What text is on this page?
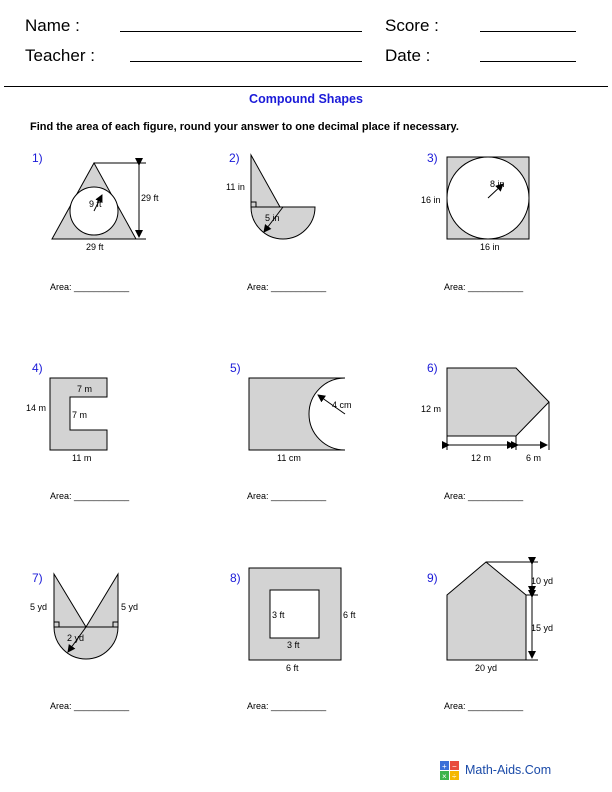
Name :	Score :
Teacher :	Date :
Compound Shapes
Find the area of each figure, round your answer to one decimal place if necessary.
1)
9 ft
29 ft
29 ft
Area: ___________
2)
11 in
5 in
Area: ___________
3)
8 in
16 in
16 in
Area: ___________
4)
7 m
7 m
14 m
11 m
Area: ___________
5)
4 cm
11 cm
Area: ___________
6)
12 m
12 m	6 m
Area: ___________
7)
5 yd	5 yd
2 yd
Area: ___________
8)
3 ft	6 ft
3 ft
6 ft
Area: ___________
9)	10 yd
15 yd
20 yd
Area: ___________
+ −
× ÷ Math-Aids.Com
